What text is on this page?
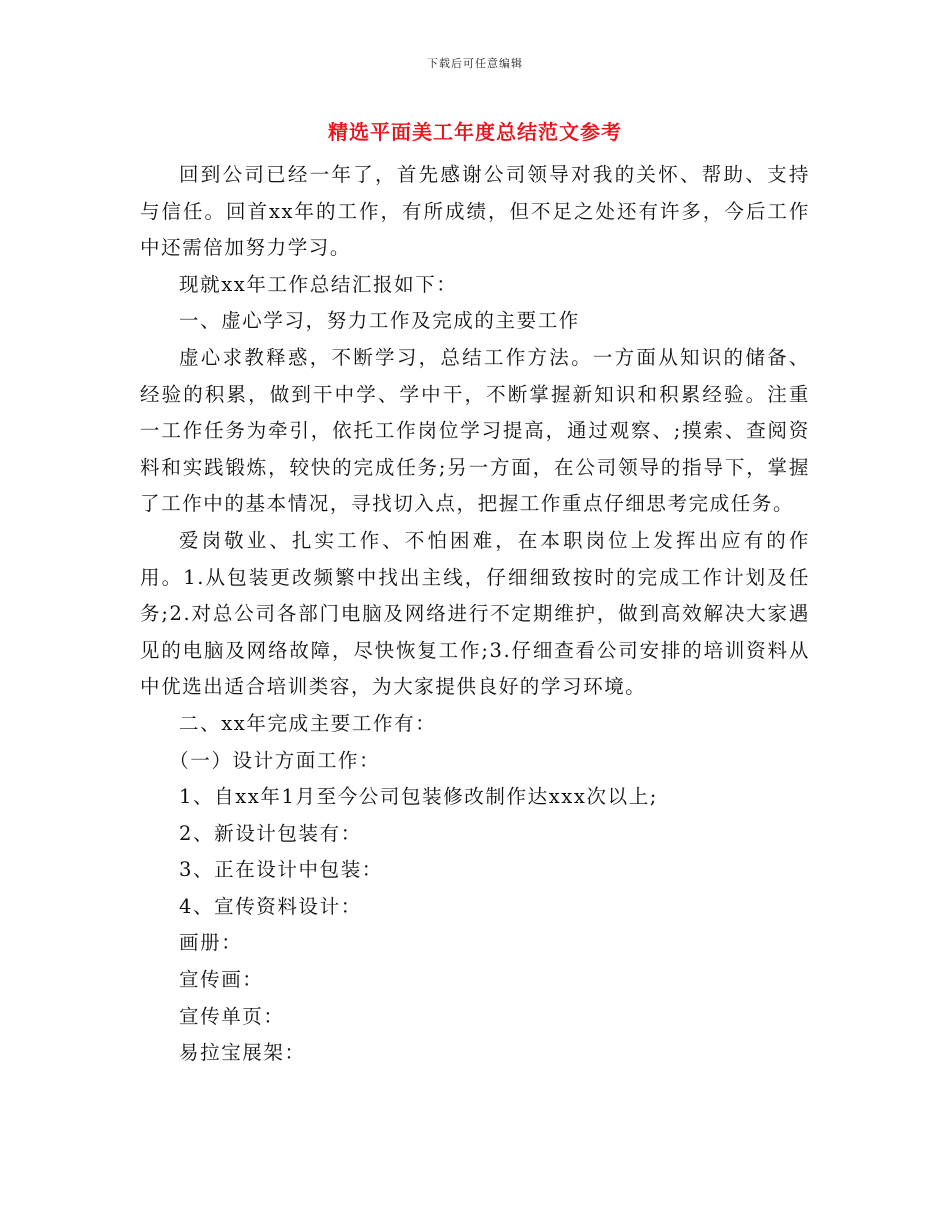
下载后可任意编辑
精选平面美工年度总结范文参考

回到公司已经一年了，首先感谢公司领导对我的关怀、帮助、支持与信任。回首xx年的工作，有所成绩，但不足之处还有许多，今后工作中还需倍加努力学习。

现就xx年工作总结汇报如下：

一、虚心学习，努力工作及完成的主要工作

虚心求教释惑，不断学习，总结工作方法。一方面从知识的储备、经验的积累，做到干中学、学中干，不断掌握新知识和积累经验。注重一工作任务为牵引，依托工作岗位学习提高，通过观察、;摸索、查阅资料和实践锻炼，较快的完成任务;另一方面，在公司领导的指导下，掌握了工作中的基本情况，寻找切入点，把握工作重点仔细思考完成任务。

爱岗敬业、扎实工作、不怕困难，在本职岗位上发挥出应有的作用。1.从包装更改频繁中找出主线，仔细细致按时的完成工作计划及任务;2.对总公司各部门电脑及网络进行不定期维护，做到高效解决大家遇见的电脑及网络故障，尽快恢复工作;3.仔细查看公司安排的培训资料从中优选出适合培训类容，为大家提供良好的学习环境。

二、xx年完成主要工作有：

（一）设计方面工作：

1、自xx年1月至今公司包装修改制作达xxx次以上;

2、新设计包装有：

3、正在设计中包装：

4、宣传资料设计：

画册：

宣传画：

宣传单页：

易拉宝展架：
